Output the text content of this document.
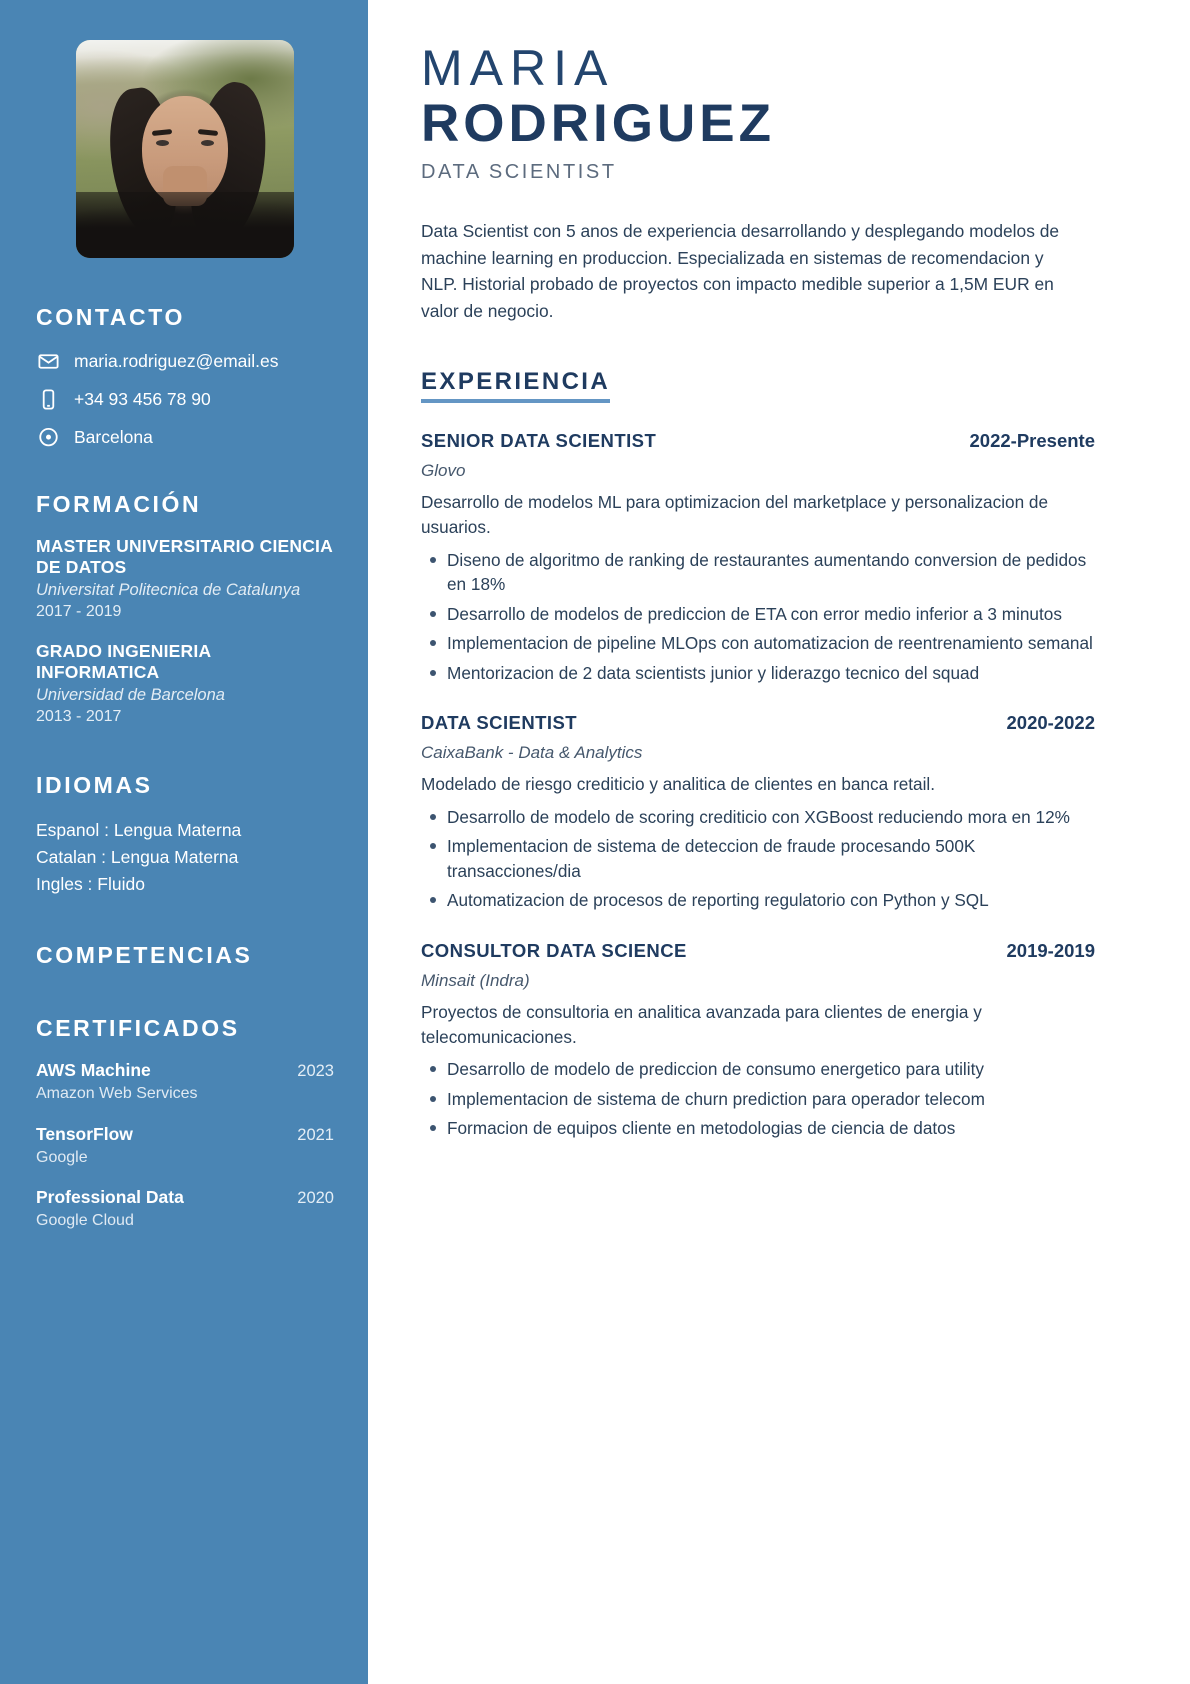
CONTACTO
maria.rodriguez@email.es
+34 93 456 78 90
Barcelona
FORMACIÓN
MASTER UNIVERSITARIO CIENCIA DE DATOS
Universitat Politecnica de Catalunya
2017 - 2019
GRADO INGENIERIA INFORMATICA
Universidad de Barcelona
2013 - 2017
IDIOMAS
Espanol : Lengua Materna
Catalan : Lengua Materna
Ingles : Fluido
COMPETENCIAS
CERTIFICADOS
AWS Machine	2023
Amazon Web Services
TensorFlow	2021
Google
Professional Data	2020
Google Cloud
MARIA
RODRIGUEZ
DATA SCIENTIST

Data Scientist con 5 anos de experiencia desarrollando y desplegando modelos de machine learning en produccion. Especializada en sistemas de recomendacion y NLP. Historial probado de proyectos con impacto medible superior a 1,5M EUR en valor de negocio.

EXPERIENCIA
SENIOR DATA SCIENTIST	2022-Presente
Glovo
Desarrollo de modelos ML para optimizacion del marketplace y personalizacion de usuarios.
Diseno de algoritmo de ranking de restaurantes aumentando conversion de pedidos en 18%
Desarrollo de modelos de prediccion de ETA con error medio inferior a 3 minutos
Implementacion de pipeline MLOps con automatizacion de reentrenamiento semanal
Mentorizacion de 2 data scientists junior y liderazgo tecnico del squad
DATA SCIENTIST	2020-2022
CaixaBank - Data & Analytics
Modelado de riesgo crediticio y analitica de clientes en banca retail.
Desarrollo de modelo de scoring crediticio con XGBoost reduciendo mora en 12%
Implementacion de sistema de deteccion de fraude procesando 500K transacciones/dia
Automatizacion de procesos de reporting regulatorio con Python y SQL
CONSULTOR DATA SCIENCE	2019-2019
Minsait (Indra)
Proyectos de consultoria en analitica avanzada para clientes de energia y telecomunicaciones.
Desarrollo de modelo de prediccion de consumo energetico para utility
Implementacion de sistema de churn prediction para operador telecom
Formacion de equipos cliente en metodologias de ciencia de datos
